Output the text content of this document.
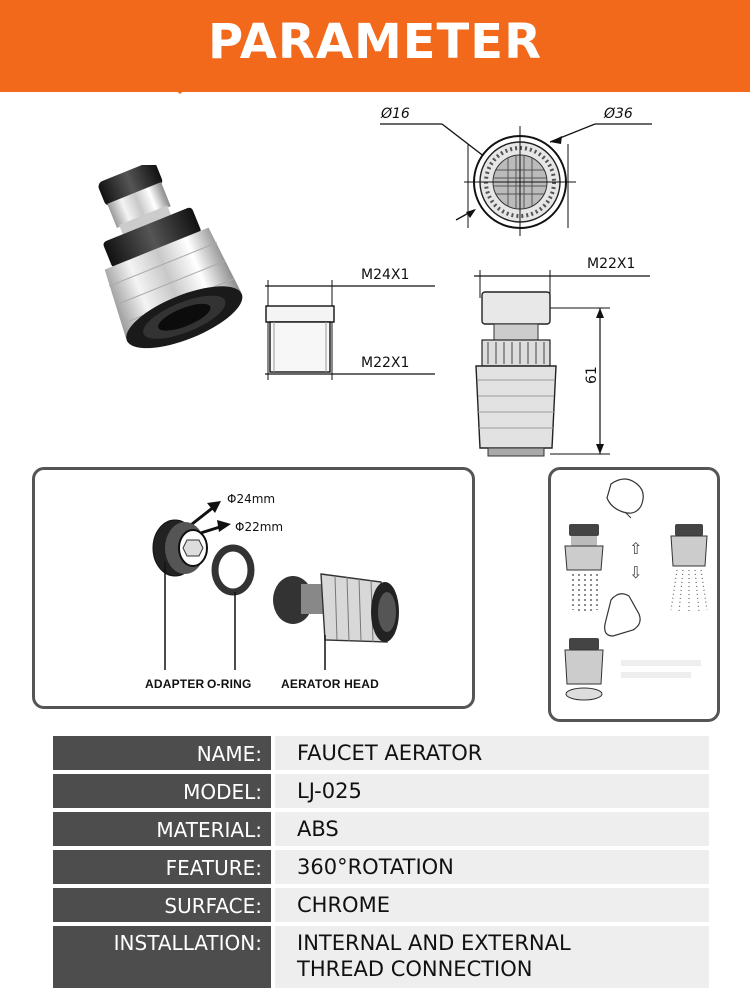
PARAMETER
Ø16	Ø36
M24X1
M22X1
M22X1
61
Φ24mm
Φ22mm
ADAPTER O-RING AERATOR HEAD
⇧
⇩
NAME: FAUCET AERATOR
MODEL: LJ-025
MATERIAL: ABS
FEATURE: 360°ROTATION
SURFACE: CHROME
INSTALLATION: INTERNAL AND EXTERNAL
THREAD CONNECTION
